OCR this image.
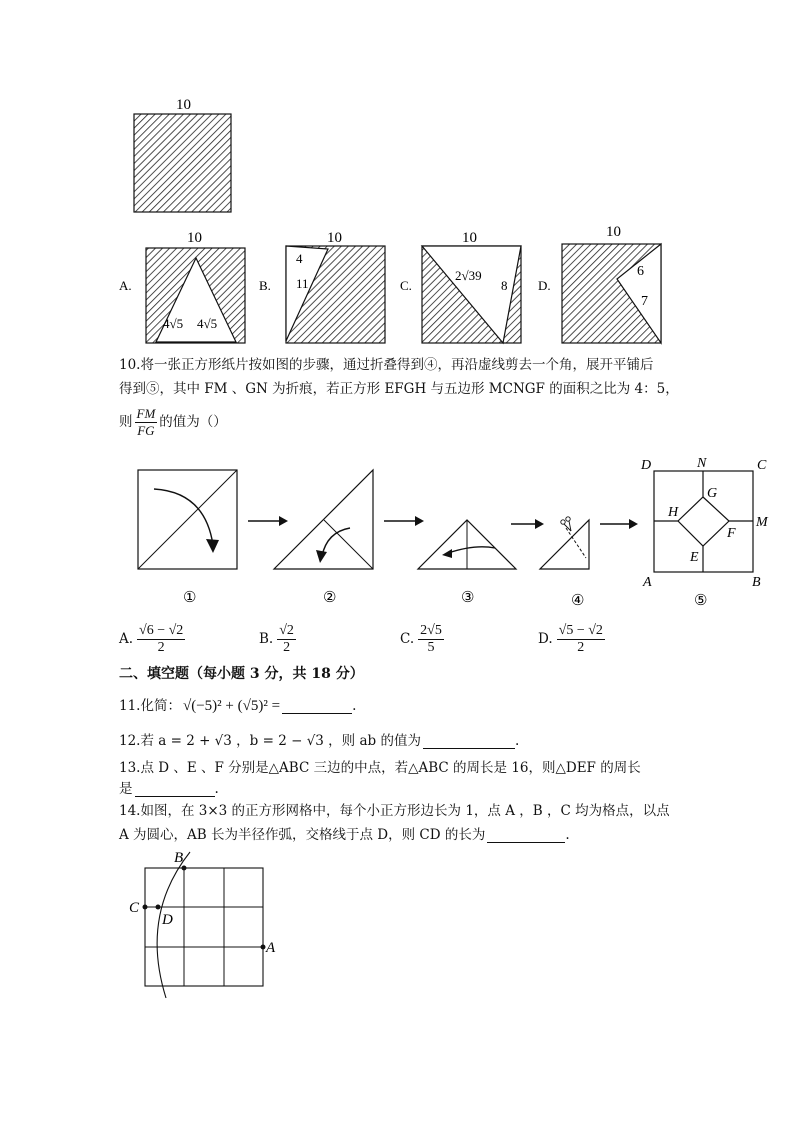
10
10
4√5 4√5
A.
10
4
11
B.
10
2√39
8
C.
10
6
7
D.
D	N	C
G
H
M
F
E
A	B
①	②	③	④	⑤
B
C
D
A
10.将一张正方形纸片按如图的步骤，通过折叠得到④，再沿虚线剪去一个角，展开平铺后
得到⑤，其中 FM 、GN 为折痕，若正方形 EFGH 与五边形 MCNGF 的面积之比为 4：5，
则 $\frac{FM}{FG}$ 的值为（）
A. $\frac{√6 - √2}{2}$	B. $\frac{√2}{2}$	C. $\frac{2√5}{5}$	D. $\frac{√5 - √2}{2}$
二、填空题（每小题 3 分，共 18 分）
11.化简： √(−5)² + (√5)² =	.
12.若 a = 2 + √3 ，b = 2 − √3 ，则 ab 的值为	.
13.点 D 、E 、F 分别是△ABC 三边的中点，若△ABC 的周长是 16，则△DEF 的周长
是	.
14.如图，在 3×3 的正方形网格中，每个小正方形边长为 1，点 A ，B ，C 均为格点，以点
A 为圆心，AB 长为半径作弧，交格线于点 D，则 CD 的长为	.
